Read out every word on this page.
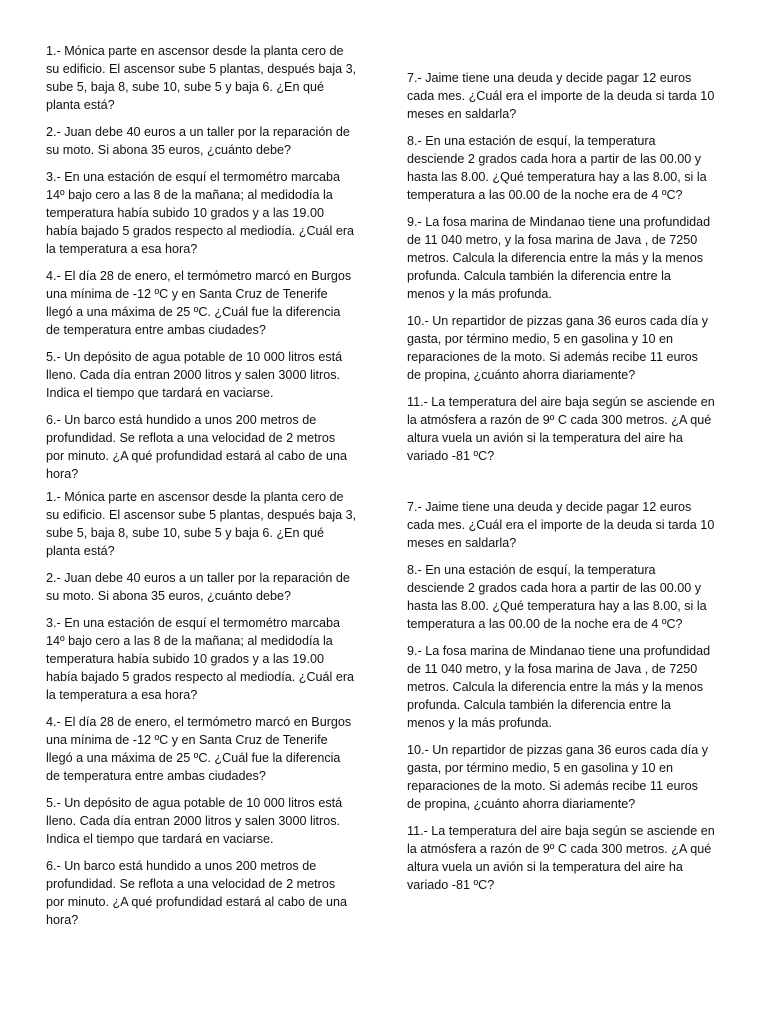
1.- Mónica parte en ascensor desde la planta cero de
su edificio. El ascensor sube 5 plantas, después baja 3,
sube 5, baja 8, sube 10, sube 5 y baja 6. ¿En qué
planta está?

2.- Juan debe 40 euros a un taller por la reparación de
su moto. Si abona 35 euros, ¿cuánto debe?

3.- En una estación de esquí el termométro marcaba
14º bajo cero a las 8 de la mañana; al medidodía la
temperatura había subido 10 grados y a las 19.00
había bajado 5 grados respecto al mediodía. ¿Cuál era
la temperatura a esa hora?

4.- El día 28 de enero, el termómetro marcó en Burgos
una mínima de -12 ºC y en Santa Cruz de Tenerife
llegó a una máxima de 25 ºC. ¿Cuál fue la diferencia
de temperatura entre ambas ciudades?

5.- Un depósito de agua potable de 10 000 litros está
lleno. Cada día entran 2000 litros y salen 3000 litros.
Indica el tiempo que tardará en vaciarse.

6.- Un barco está hundido a unos 200 metros de
profundidad. Se reflota a una velocidad de 2 metros
por minuto. ¿A qué profundidad estará al cabo de una
hora?

7.- Jaime tiene una deuda y decide pagar 12 euros
cada mes. ¿Cuál era el importe de la deuda si tarda 10
meses en saldarla?

8.- En una estación de esquí, la temperatura
desciende 2 grados cada hora a partir de las 00.00 y
hasta las 8.00. ¿Qué temperatura hay a las 8.00, si la
temperatura a las 00.00 de la noche era de 4 ºC?

9.- La fosa marina de Mindanao tiene una profundidad
de 11 040 metro, y la fosa marina de Java , de 7250
metros. Calcula la diferencia entre la más y la menos
profunda. Calcula también la diferencia entre la
menos y la más profunda.

10.- Un repartidor de pizzas gana 36 euros cada día y
gasta, por término medio, 5 en gasolina y 10 en
reparaciones de la moto. Si además recibe 11 euros
de propina, ¿cuánto ahorra diariamente?

11.- La temperatura del aire baja según se asciende en
la atmósfera a razón de 9º C cada 300 metros. ¿A qué
altura vuela un avión si la temperatura del aire ha
variado -81 ºC?

1.- Mónica parte en ascensor desde la planta cero de
su edificio. El ascensor sube 5 plantas, después baja 3,
sube 5, baja 8, sube 10, sube 5 y baja 6. ¿En qué
planta está?

2.- Juan debe 40 euros a un taller por la reparación de
su moto. Si abona 35 euros, ¿cuánto debe?

3.- En una estación de esquí el termométro marcaba
14º bajo cero a las 8 de la mañana; al medidodía la
temperatura había subido 10 grados y a las 19.00
había bajado 5 grados respecto al mediodía. ¿Cuál era
la temperatura a esa hora?

4.- El día 28 de enero, el termómetro marcó en Burgos
una mínima de -12 ºC y en Santa Cruz de Tenerife
llegó a una máxima de 25 ºC. ¿Cuál fue la diferencia
de temperatura entre ambas ciudades?

5.- Un depósito de agua potable de 10 000 litros está
lleno. Cada día entran 2000 litros y salen 3000 litros.
Indica el tiempo que tardará en vaciarse.

6.- Un barco está hundido a unos 200 metros de
profundidad. Se reflota a una velocidad de 2 metros
por minuto. ¿A qué profundidad estará al cabo de una
hora?

7.- Jaime tiene una deuda y decide pagar 12 euros
cada mes. ¿Cuál era el importe de la deuda si tarda 10
meses en saldarla?

8.- En una estación de esquí, la temperatura
desciende 2 grados cada hora a partir de las 00.00 y
hasta las 8.00. ¿Qué temperatura hay a las 8.00, si la
temperatura a las 00.00 de la noche era de 4 ºC?

9.- La fosa marina de Mindanao tiene una profundidad
de 11 040 metro, y la fosa marina de Java , de 7250
metros. Calcula la diferencia entre la más y la menos
profunda. Calcula también la diferencia entre la
menos y la más profunda.

10.- Un repartidor de pizzas gana 36 euros cada día y
gasta, por término medio, 5 en gasolina y 10 en
reparaciones de la moto. Si además recibe 11 euros
de propina, ¿cuánto ahorra diariamente?

11.- La temperatura del aire baja según se asciende en
la atmósfera a razón de 9º C cada 300 metros. ¿A qué
altura vuela un avión si la temperatura del aire ha
variado -81 ºC?
